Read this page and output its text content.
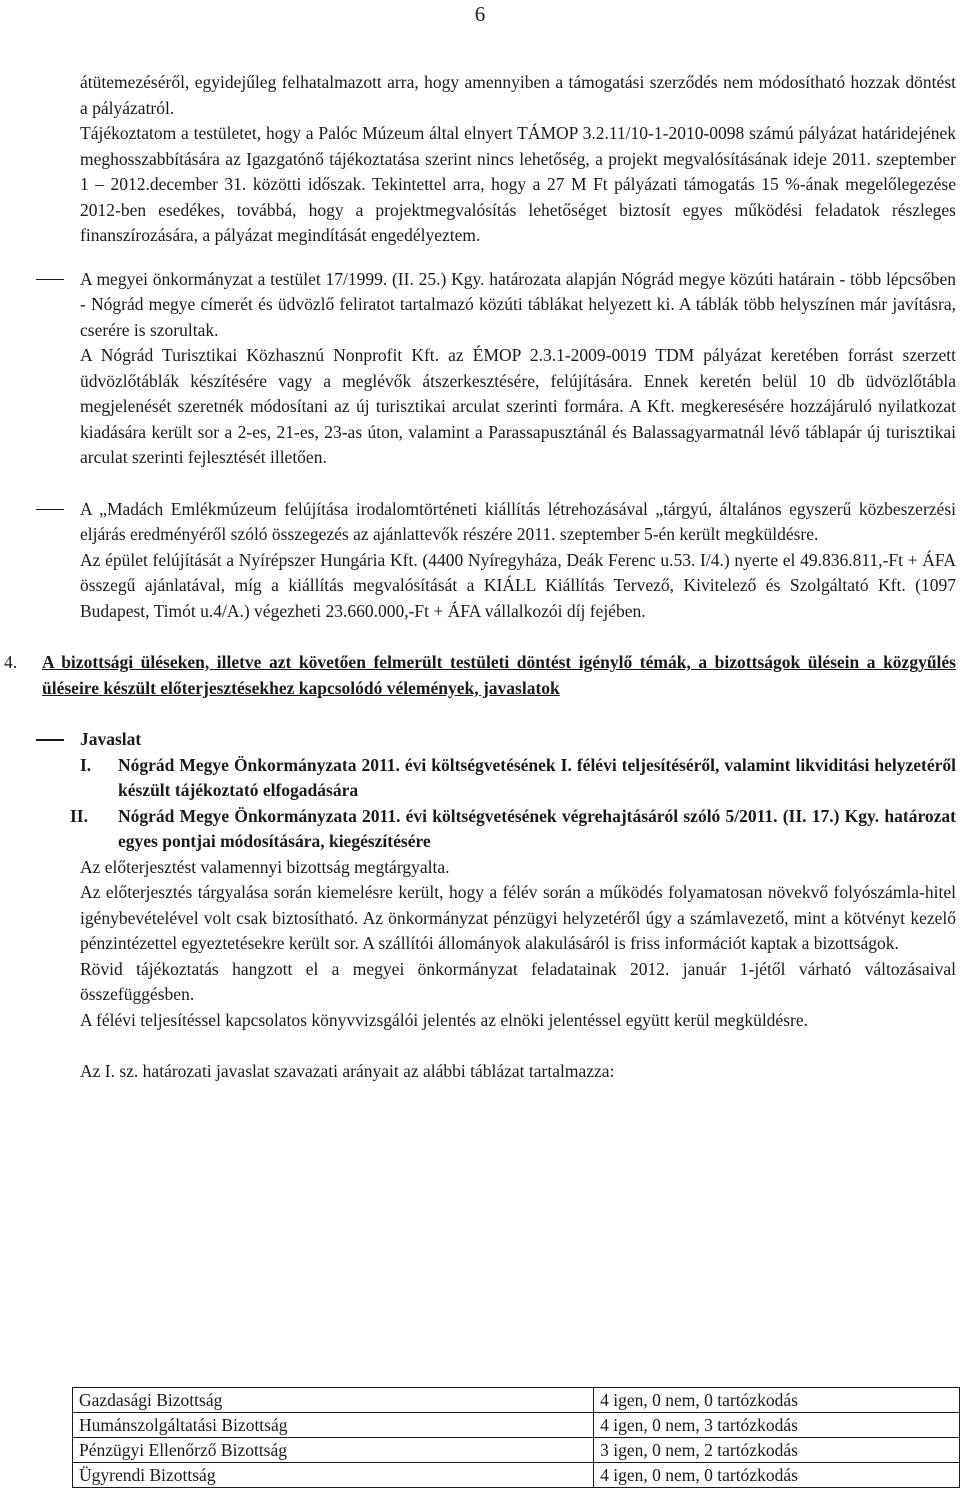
6

átütemezéséről, egyidejűleg felhatalmazott arra, hogy amennyiben a támogatási szerződés nem módosítható hozzak döntést a pályázatról.

Tájékoztatom a testületet, hogy a Palóc Múzeum által elnyert TÁMOP 3.2.11/10-1-2010-0098 számú pályázat határidejének meghosszabbítására az Igazgatónő tájékoztatása szerint nincs lehetőség, a projekt megvalósításának ideje 2011. szeptember 1 – 2012.december 31. közötti időszak. Tekintettel arra, hogy a 27 M Ft pályázati támogatás 15 %-ának megelőlegezése 2012-ben esedékes, továbbá, hogy a projektmegvalósítás lehetőséget biztosít egyes működési feladatok részleges finanszírozására, a pályázat megindítását engedélyeztem.

A megyei önkormányzat a testület 17/1999. (II. 25.) Kgy. határozata alapján Nógrád megye közúti határain - több lépcsőben - Nógrád megye címerét és üdvözlő feliratot tartalmazó közúti táblákat helyezett ki. A táblák több helyszínen már javításra, cserére is szorultak.

A Nógrád Turisztikai Közhasznú Nonprofit Kft. az ÉMOP 2.3.1-2009-0019 TDM pályázat keretében forrást szerzett üdvözlőtáblák készítésére vagy a meglévők átszerkesztésére, felújítására. Ennek keretén belül 10 db üdvözlőtábla megjelenését szeretnék módosítani az új turisztikai arculat szerinti formára. A Kft. megkeresésére hozzájáruló nyilatkozat kiadására került sor a 2-es, 21-es, 23-as úton, valamint a Parassapusztánál és Balassagyarmatnál lévő táblapár új turisztikai arculat szerinti fejlesztését illetően.

A „Madách Emlékmúzeum felújítása irodalomtörténeti kiállítás létrehozásával „tárgyú, általános egyszerű közbeszerzési eljárás eredményéről szóló összegezés az ajánlattevők részére 2011. szeptember 5-én került megküldésre.

Az épület felújítását a Nyírépszer Hungária Kft. (4400 Nyíregyháza, Deák Ferenc u.53. I/4.) nyerte el 49.836.811,-Ft + ÁFA összegű ajánlatával, míg a kiállítás megvalósítását a KIÁLL Kiállítás Tervező, Kivitelező és Szolgáltató Kft. (1097 Budapest, Timót u.4/A.) végezheti 23.660.000,-Ft + ÁFA vállalkozói díj fejében.

4. A bizottsági üléseken, illetve azt követően felmerült testületi döntést igénylő témák, a bizottságok ülésein a közgyűlés üléseire készült előterjesztésekhez kapcsolódó vélemények, javaslatok

Javaslat

I. Nógrád Megye Önkormányzata 2011. évi költségvetésének I. félévi teljesítéséről, valamint likviditási helyzetéről készült tájékoztató elfogadására

II. Nógrád Megye Önkormányzata 2011. évi költségvetésének végrehajtásáról szóló 5/2011. (II. 17.) Kgy. határozat egyes pontjai módosítására, kiegészítésére

Az előterjesztést valamennyi bizottság megtárgyalta.

Az előterjesztés tárgyalása során kiemelésre került, hogy a félév során a működés folyamatosan növekvő folyószámla-hitel igénybevételével volt csak biztosítható. Az önkormányzat pénzügyi helyzetéről úgy a számlavezető, mint a kötvényt kezelő pénzintézettel egyeztetésekre került sor. A szállítói állományok alakulásáról is friss információt kaptak a bizottságok.

Rövid tájékoztatás hangzott el a megyei önkormányzat feladatainak 2012. január 1-jétől várható változásaival összefüggésben.

A félévi teljesítéssel kapcsolatos könyvvizsgálói jelentés az elnöki jelentéssel együtt kerül megküldésre.

Az I. sz. határozati javaslat szavazati arányait az alábbi táblázat tartalmazza:

Gazdasági Bizottság	4 igen, 0 nem, 0 tartózkodás
Humánszolgáltatási Bizottság	4 igen, 0 nem, 3 tartózkodás
Pénzügyi Ellenőrző Bizottság	3 igen, 0 nem, 2 tartózkodás
Ügyrendi Bizottság	4 igen, 0 nem, 0 tartózkodás
